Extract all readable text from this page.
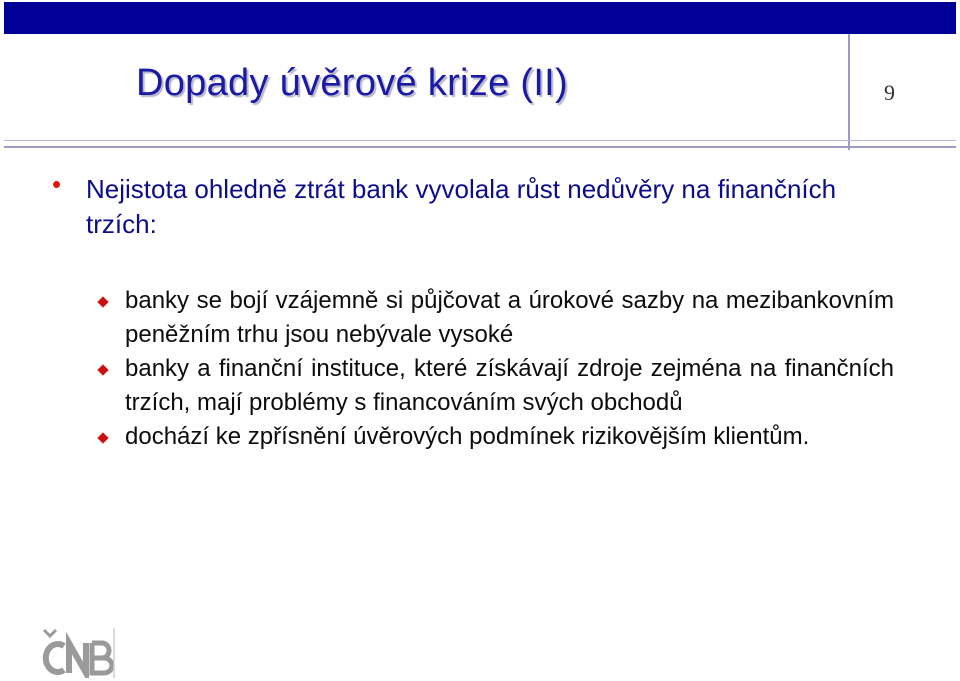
Dopady úvěrové krize (II)	9
• Nejistota ohledně ztrát bank vyvolala růst nedůvěry na finančních trzích:
banky se bojí vzájemně si půjčovat a úrokové sazby na mezibankovním peněžním trhu jsou nebývale vysoké
banky a finanční instituce, které získávají zdroje zejména na finančních trzích, mají problémy s financováním svých obchodů
dochází ke zpřísnění úvěrových podmínek rizikovějším klientům.
